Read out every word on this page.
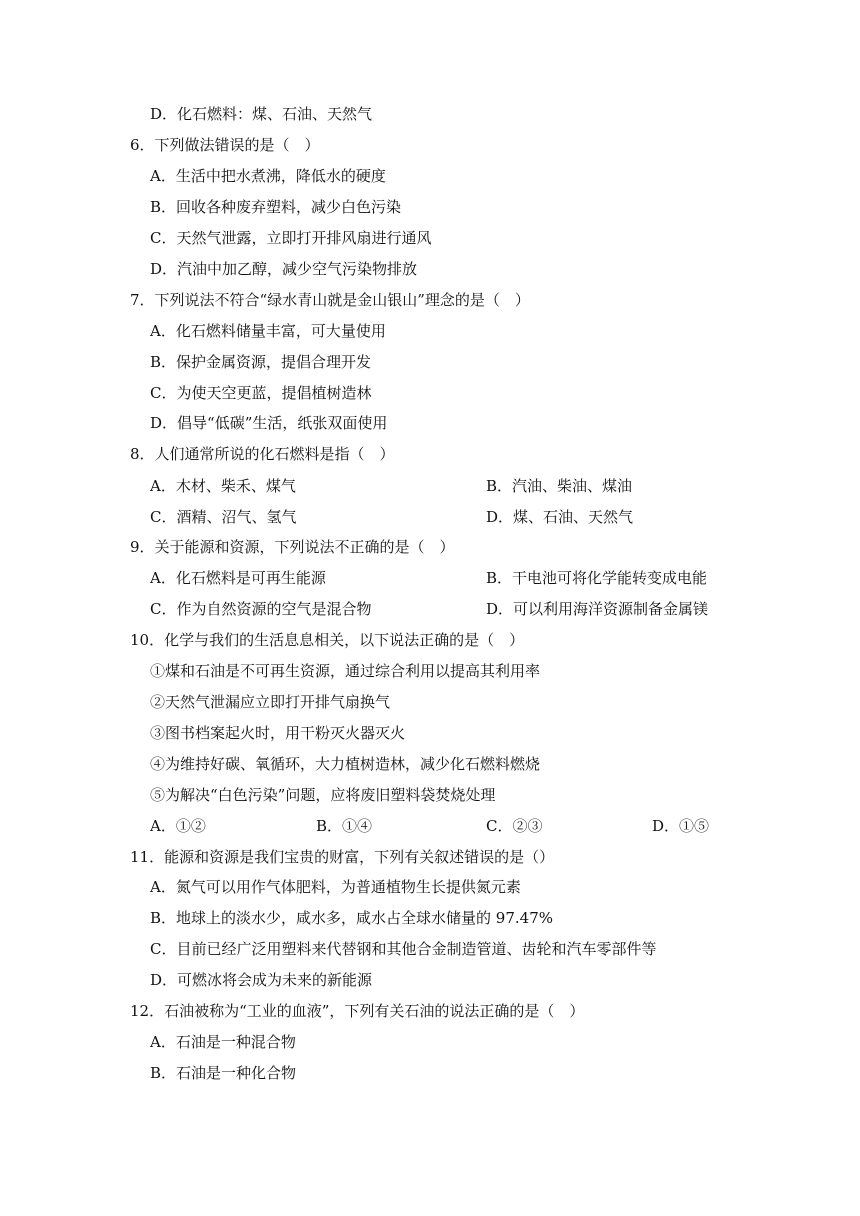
D．化石燃料：煤、石油、天然气
6．下列做法错误的是（　）
A．生活中把水煮沸，降低水的硬度
B．回收各种废弃塑料，减少白色污染
C．天然气泄露，立即打开排风扇进行通风
D．汽油中加乙醇，减少空气污染物排放
7．下列说法不符合“绿水青山就是金山银山”理念的是（　）
A．化石燃料储量丰富，可大量使用
B．保护金属资源，提倡合理开发
C．为使天空更蓝，提倡植树造林
D．倡导“低碳”生活，纸张双面使用
8．人们通常所说的化石燃料是指（　）
A．木材、柴禾、煤气	B．汽油、柴油、煤油
C．酒精、沼气、氢气	D．煤、石油、天然气
9．关于能源和资源，下列说法不正确的是（　）
A．化石燃料是可再生能源	B．干电池可将化学能转变成电能
C．作为自然资源的空气是混合物	D．可以利用海洋资源制备金属镁
10．化学与我们的生活息息相关，以下说法正确的是（　）
①煤和石油是不可再生资源，通过综合利用以提高其利用率
②天然气泄漏应立即打开排气扇换气
③图书档案起火时，用干粉灭火器灭火
④为维持好碳、氧循环，大力植树造林，减少化石燃料燃烧
⑤为解决“白色污染”问题，应将废旧塑料袋焚烧处理
A．①②	B．①④	C．②③	D．①⑤
11．能源和资源是我们宝贵的财富，下列有关叙述错误的是（）
A．氮气可以用作气体肥料，为普通植物生长提供氮元素
B．地球上的淡水少，咸水多，咸水占全球水储量的 97.47%
C．目前已经广泛用塑料来代替钢和其他合金制造管道、齿轮和汽车零部件等
D．可燃冰将会成为未来的新能源
12．石油被称为“工业的血液”，下列有关石油的说法正确的是（　）
A．石油是一种混合物
B．石油是一种化合物
